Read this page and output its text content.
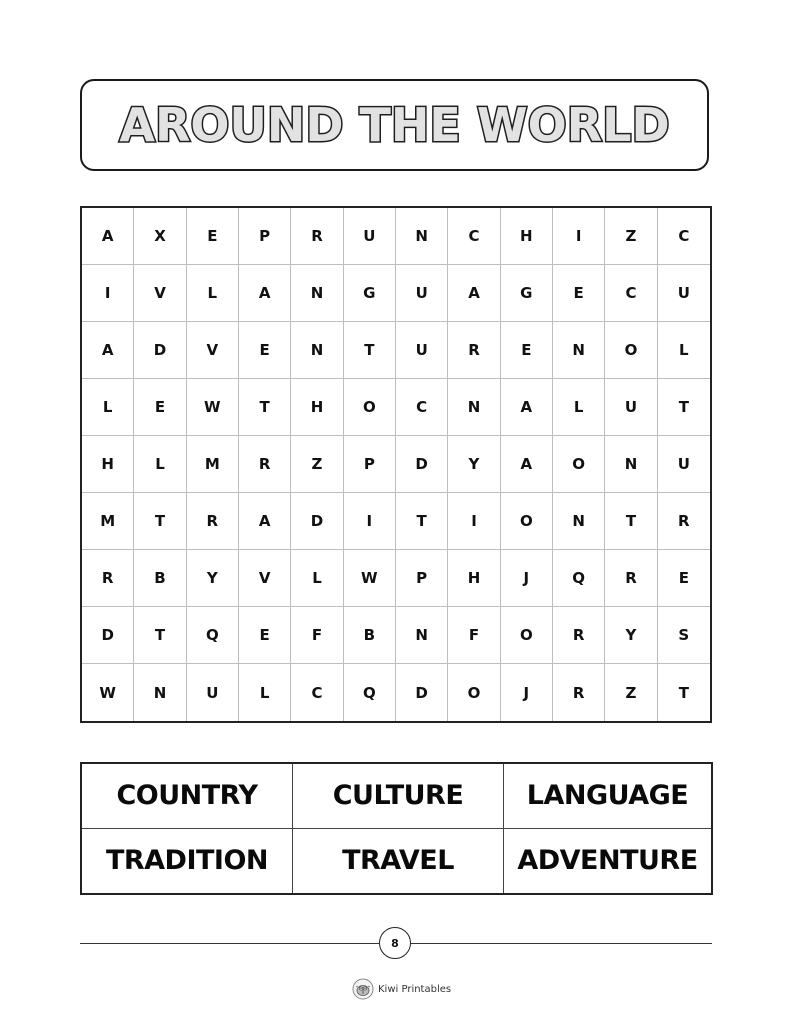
AROUND THE WORLD
A	X	E	P	R	U	N	C	H	I	Z	C
I	V	L	A	N	G	U	A	G	E	C	U
A	D	V	E	N	T	U	R	E	N	O	L
L	E	W	T	H	O	C	N	A	L	U	T
H	L	M	R	Z	P	D	Y	A	O	N	U
M	T	R	A	D	I	T	I	O	N	T	R
R	B	Y	V	L	W	P	H	J	Q	R	E
D	T	Q	E	F	B	N	F	O	R	Y	S
W	N	U	L	C	Q	D	O	J	R	Z	T
COUNTRY	CULTURE	LANGUAGE
TRADITION	TRAVEL	ADVENTURE
8
Kiwi Printables
